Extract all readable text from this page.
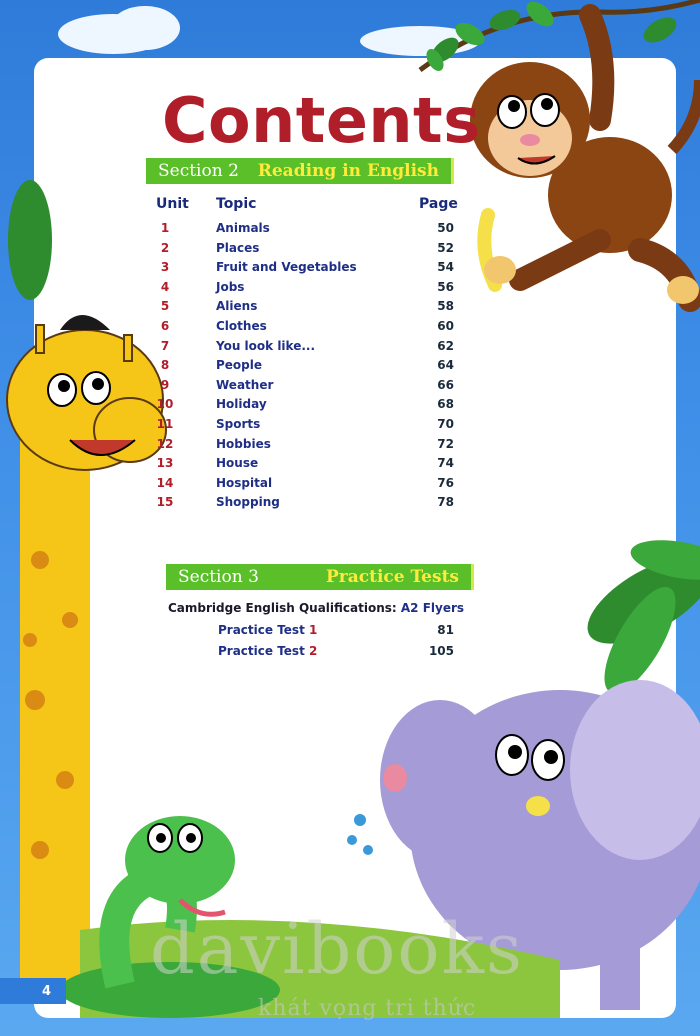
Contents
Section 2 Reading in English
Unit Topic	Page
1	Animals	50
2	Places	52
3	Fruit and Vegetables	54
4	Jobs	56
5	Aliens	58
6	Clothes	60
7	You look like...	62
8	People	64
9	Weather	66
10	Holiday	68
11	Sports	70
12	Hobbies	72
13	House	74
14	Hospital	76
15	Shopping	78
Section 3	Practice Tests
Cambridge English Qualifications: A2 Flyers
Practice Test 1	81
Practice Test 2	105
davibooks
khát vọng tri thức
4
